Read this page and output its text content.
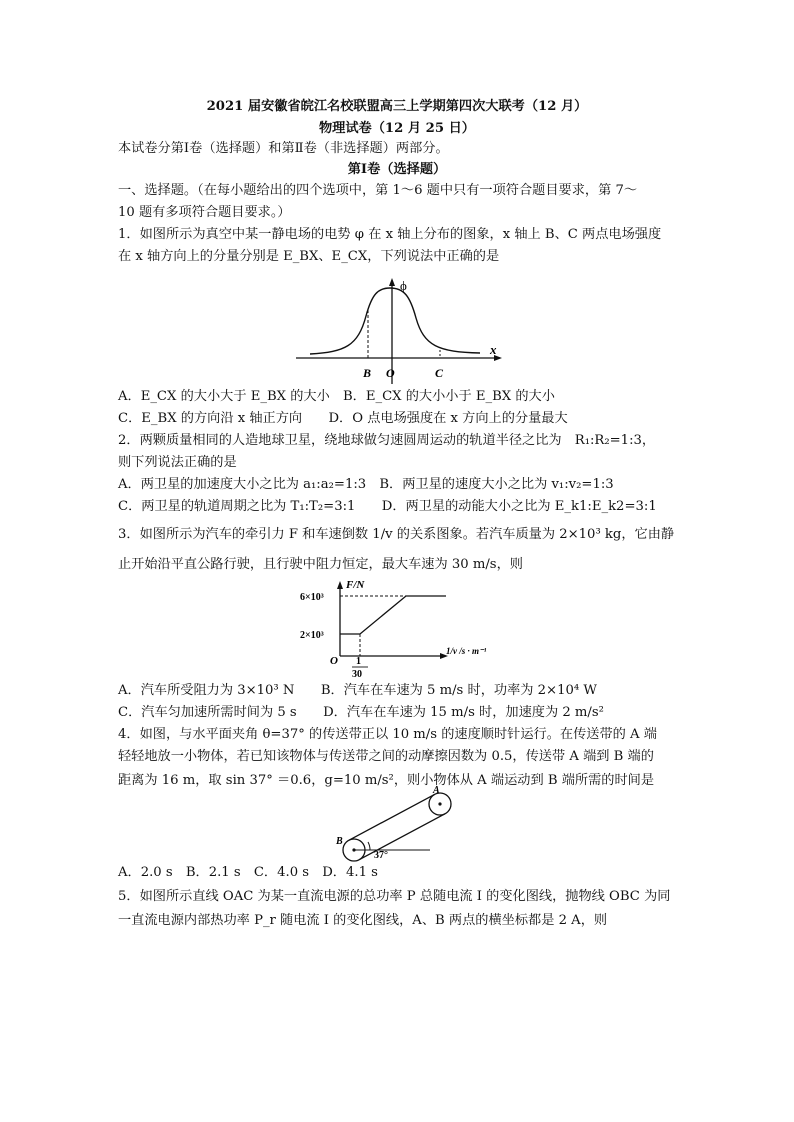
2021 届安徽省皖江名校联盟高三上学期第四次大联考（12 月）
物理试卷（12 月 25 日）
本试卷分第Ⅰ卷（选择题）和第Ⅱ卷（非选择题）两部分。
第Ⅰ卷（选择题）
一、选择题。（在每小题给出的四个选项中，第 1～6 题中只有一项符合题目要求，第 7～
10 题有多项符合题目要求。）
1．如图所示为真空中某一静电场的电势 φ 在 x 轴上分布的图象，x 轴上 B、C 两点电场强度
在 x 轴方向上的分量分别是 E_BX、E_CX，下列说法中正确的是
ϕ
x
B O	C
A．E_CX 的大小大于 E_BX 的大小　B．E_CX 的大小小于 E_BX 的大小
C．E_BX 的方向沿 x 轴正方向　　D．O 点电场强度在 x 方向上的分量最大
2．两颗质量相同的人造地球卫星，绕地球做匀速圆周运动的轨道半径之比为　R₁:R₂=1:3，
则下列说法正确的是
A．两卫星的加速度大小之比为 a₁:a₂=1:3　B．两卫星的速度大小之比为 v₁:v₂=1:3
C．两卫星的轨道周期之比为 T₁:T₂=3:1　　D．两卫星的动能大小之比为 E_k1:E_k2=3:1
3．如图所示为汽车的牵引力 F 和车速倒数 1/v 的关系图象。若汽车质量为 2×10³ kg，它由静
止开始沿平直公路行驶，且行驶中阻力恒定，最大车速为 30 m/s，则
F/N
6×10³
2×10³
O 1
30
1/v /s · m⁻¹
A．汽车所受阻力为 3×10³ N　　B．汽车在车速为 5 m/s 时，功率为 2×10⁴ W
C．汽车匀加速所需时间为 5 s　　D．汽车在车速为 15 m/s 时，加速度为 2 m/s²
4．如图，与水平面夹角 θ=37° 的传送带正以 10 m/s 的速度顺时针运行。在传送带的 A 端
轻轻地放一小物体，若已知该物体与传送带之间的动摩擦因数为 0.5，传送带 A 端到 B 端的
距离为 16 m，取 sin 37° ＝0.6，g=10 m/s²，则小物体从 A 端运动到 B 端所需的时间是
A
B
37°
A．2.0 s　B．2.1 s　C．4.0 s　D．4.1 s
5．如图所示直线 OAC 为某一直流电源的总功率 P 总随电流 I 的变化图线，抛物线 OBC 为同
一直流电源内部热功率 P_r 随电流 I 的变化图线，A、B 两点的横坐标都是 2 A，则
